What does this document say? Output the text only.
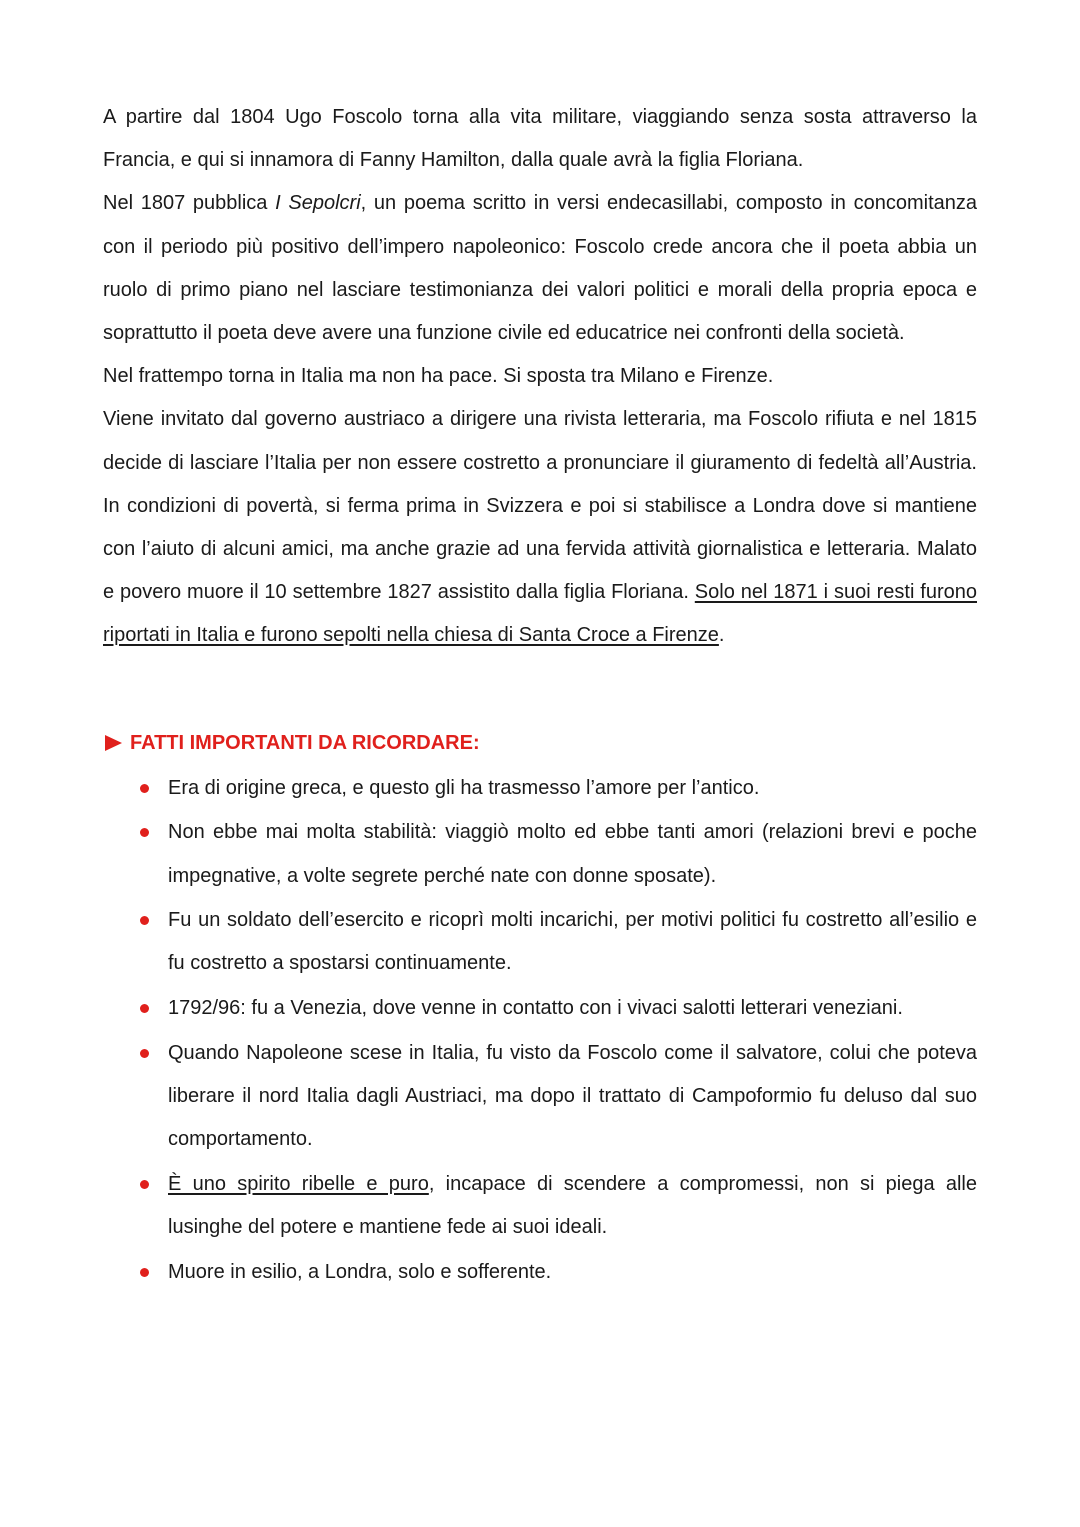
A partire dal 1804 Ugo Foscolo torna alla vita militare, viaggiando senza sosta attraverso la Francia, e qui si innamora di Fanny Hamilton, dalla quale avrà la figlia Floriana.

Nel 1807 pubblica I Sepolcri, un poema scritto in versi endecasillabi, composto in concomitanza con il periodo più positivo dell’impero napoleonico: Foscolo crede ancora che il poeta abbia un ruolo di primo piano nel lasciare testimonianza dei valori politici e morali della propria epoca e soprattutto il poeta deve avere una funzione civile ed educatrice nei confronti della società.

Nel frattempo torna in Italia ma non ha pace. Si sposta tra Milano e Firenze.

Viene invitato dal governo austriaco a dirigere una rivista letteraria, ma Foscolo rifiuta e nel 1815 decide di lasciare l’Italia per non essere costretto a pronunciare il giuramento di fedeltà all’Austria. In condizioni di povertà, si ferma prima in Svizzera e poi si stabilisce a Londra dove si mantiene con l’aiuto di alcuni amici, ma anche grazie ad una fervida attività giornalistica e letteraria. Malato e povero muore il 10 settembre 1827 assistito dalla figlia Floriana. Solo nel 1871 i suoi resti furono riportati in Italia e furono sepolti nella chiesa di Santa Croce a Firenze.

FATTI IMPORTANTI DA RICORDARE:
Era di origine greca, e questo gli ha trasmesso l’amore per l’antico.
Non ebbe mai molta stabilità: viaggiò molto ed ebbe tanti amori (relazioni brevi e poche impegnative, a volte segrete perché nate con donne sposate).
Fu un soldato dell’esercito e ricoprì molti incarichi, per motivi politici fu costretto all’esilio e fu costretto a spostarsi continuamente.
1792/96: fu a Venezia, dove venne in contatto con i vivaci salotti letterari veneziani.
Quando Napoleone scese in Italia, fu visto da Foscolo come il salvatore, colui che poteva liberare il nord Italia dagli Austriaci, ma dopo il trattato di Campoformio fu deluso dal suo comportamento.
È uno spirito ribelle e puro, incapace di scendere a compromessi, non si piega alle lusinghe del potere e mantiene fede ai suoi ideali.
Muore in esilio, a Londra, solo e sofferente.
